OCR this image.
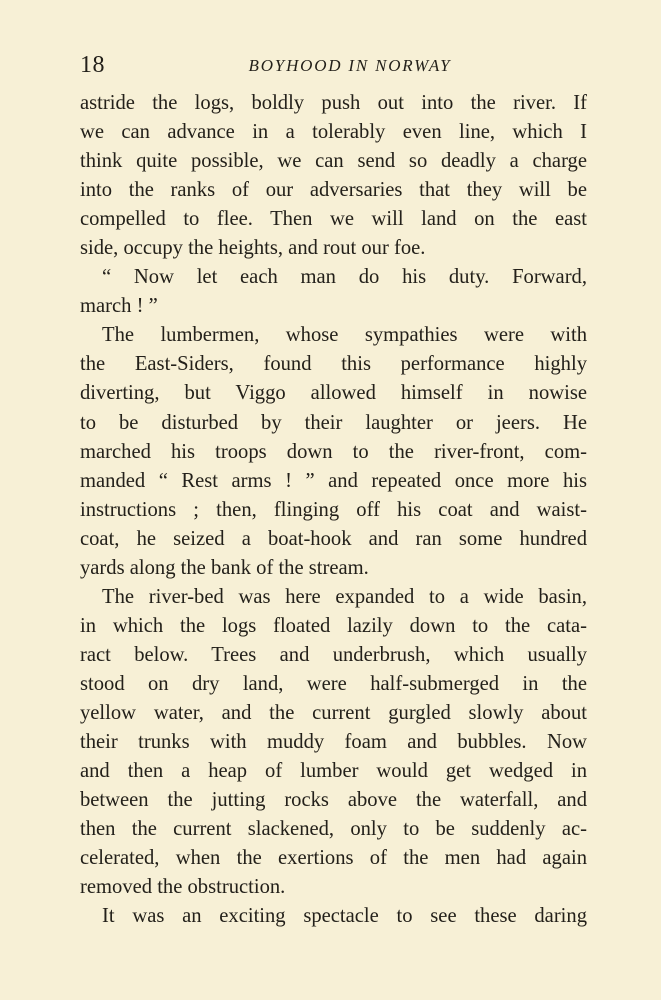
18	BOYHOOD IN NORWAY
astride the logs, boldly push out into the river. If
we can advance in a tolerably even line, which I
think quite possible, we can send so deadly a charge
into the ranks of our adversaries that they will be
compelled to flee. Then we will land on the east
side, occupy the heights, and rout our foe.
“ Now let each man do his duty. Forward,
march ! ”
The lumbermen, whose sympathies were with
the East-Siders, found this performance highly
diverting, but Viggo allowed himself in nowise
to be disturbed by their laughter or jeers. He
marched his troops down to the river-front, com-
manded “ Rest arms ! ” and repeated once more his
instructions ; then, flinging off his coat and waist-
coat, he seized a boat-hook and ran some hundred
yards along the bank of the stream.
The river-bed was here expanded to a wide basin,
in which the logs floated lazily down to the cata-
ract below. Trees and underbrush, which usually
stood on dry land, were half-submerged in the
yellow water, and the current gurgled slowly about
their trunks with muddy foam and bubbles. Now
and then a heap of lumber would get wedged in
between the jutting rocks above the waterfall, and
then the current slackened, only to be suddenly ac-
celerated, when the exertions of the men had again
removed the obstruction.
It was an exciting spectacle to see these daring
